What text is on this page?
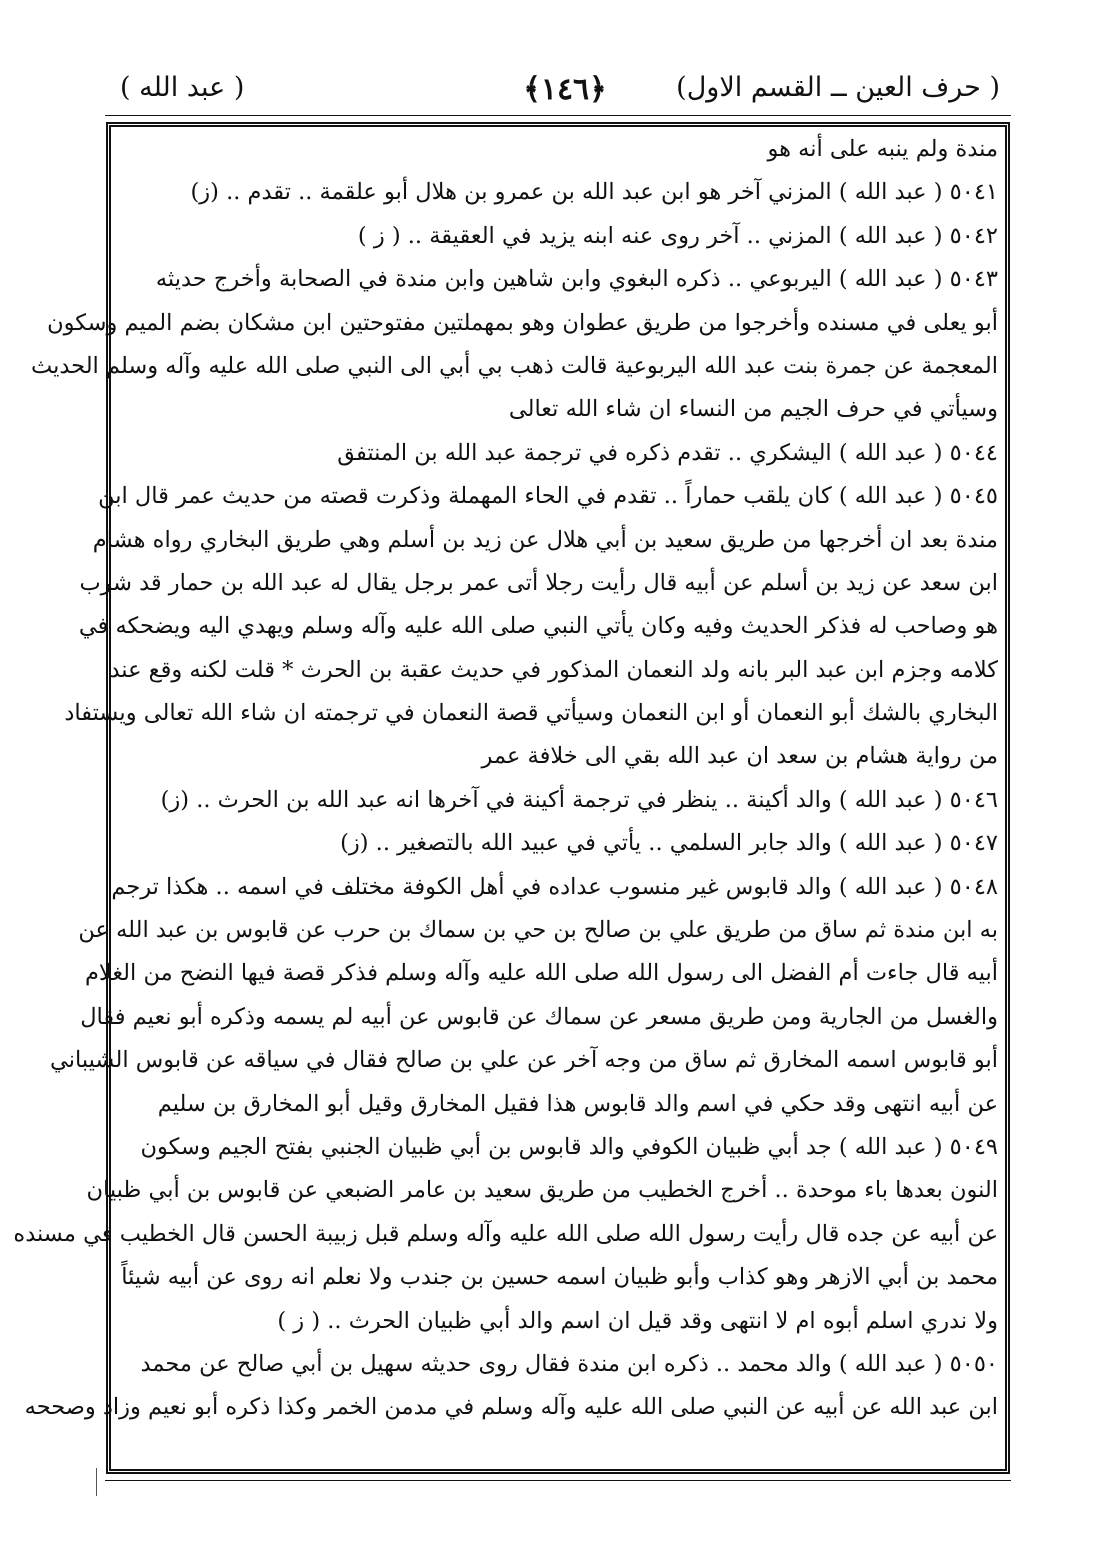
( حرف العين ــ القسم الاول)
﴿١٤٦﴾
( عبد الله )
مندة ولم ينبه على أنه هو
٥٠٤١ ( عبد الله ) المزني آخر هو ابن عبد الله بن عمرو بن هلال أبو علقمة .. تقدم .. (ز)
٥٠٤٢ ( عبد الله ) المزني .. آخر روى عنه ابنه يزيد في العقيقة .. ( ز )
٥٠٤٣ ( عبد الله ) اليربوعي .. ذكره البغوي وابن شاهين وابن مندة في الصحابة وأخرج حديثه
أبو يعلى في مسنده وأخرجوا من طريق عطوان وهو بمهملتين مفتوحتين ابن مشكان بضم الميم وسكون
المعجمة عن جمرة بنت عبد الله اليربوعية قالت ذهب بي أبي الى النبي صلى الله عليه وآله وسلم الحديث
وسيأتي في حرف الجيم من النساء ان شاء الله تعالى
٥٠٤٤ ( عبد الله ) اليشكري .. تقدم ذكره في ترجمة عبد الله بن المنتفق
٥٠٤٥ ( عبد الله ) كان يلقب حماراً .. تقدم في الحاء المهملة وذكرت قصته من حديث عمر قال ابن
مندة بعد ان أخرجها من طريق سعيد بن أبي هلال عن زيد بن أسلم وهي طريق البخاري رواه هشام
ابن سعد عن زيد بن أسلم عن أبيه قال رأيت رجلا أتى عمر برجل يقال له عبد الله بن حمار قد شرب
هو وصاحب له فذكر الحديث وفيه وكان يأتي النبي صلى الله عليه وآله وسلم ويهدي اليه ويضحكه في
كلامه وجزم ابن عبد البر بانه ولد النعمان المذكور في حديث عقبة بن الحرث * قلت لكنه وقع عند
البخاري بالشك أبو النعمان أو ابن النعمان وسيأتي قصة النعمان في ترجمته ان شاء الله تعالى ويستفاد
من رواية هشام بن سعد ان عبد الله بقي الى خلافة عمر
٥٠٤٦ ( عبد الله ) والد أكينة .. ينظر في ترجمة أكينة في آخرها انه عبد الله بن الحرث .. (ز)
٥٠٤٧ ( عبد الله ) والد جابر السلمي .. يأتي في عبيد الله بالتصغير .. (ز)
٥٠٤٨ ( عبد الله ) والد قابوس غير منسوب عداده في أهل الكوفة مختلف في اسمه .. هكذا ترجم
به ابن مندة ثم ساق من طريق علي بن صالح بن حي بن سماك بن حرب عن قابوس بن عبد الله عن
أبيه قال جاءت أم الفضل الى رسول الله صلى الله عليه وآله وسلم فذكر قصة فيها النضح من الغلام
والغسل من الجارية ومن طريق مسعر عن سماك عن قابوس عن أبيه لم يسمه وذكره أبو نعيم فقال
أبو قابوس اسمه المخارق ثم ساق من وجه آخر عن علي بن صالح فقال في سياقه عن قابوس الشيباني
عن أبيه انتهى وقد حكي في اسم والد قابوس هذا فقيل المخارق وقيل أبو المخارق بن سليم
٥٠٤٩ ( عبد الله ) جد أبي ظبيان الكوفي والد قابوس بن أبي ظبيان الجنبي بفتح الجيم وسكون
النون بعدها باء موحدة .. أخرج الخطيب من طريق سعيد بن عامر الضبعي عن قابوس بن أبي ظبيان
عن أبيه عن جده قال رأيت رسول الله صلى الله عليه وآله وسلم قبل زبيبة الحسن قال الخطيب في مسنده
محمد بن أبي الازهر وهو كذاب وأبو ظبيان اسمه حسين بن جندب ولا نعلم انه روى عن أبيه شيئاً
ولا ندري اسلم أبوه ام لا انتهى وقد قيل ان اسم والد أبي ظبيان الحرث .. ( ز )
٥٠٥٠ ( عبد الله ) والد محمد .. ذكره ابن مندة فقال روى حديثه سهيل بن أبي صالح عن محمد
ابن عبد الله عن أبيه عن النبي صلى الله عليه وآله وسلم في مدمن الخمر وكذا ذكره أبو نعيم وزاد وصححه
